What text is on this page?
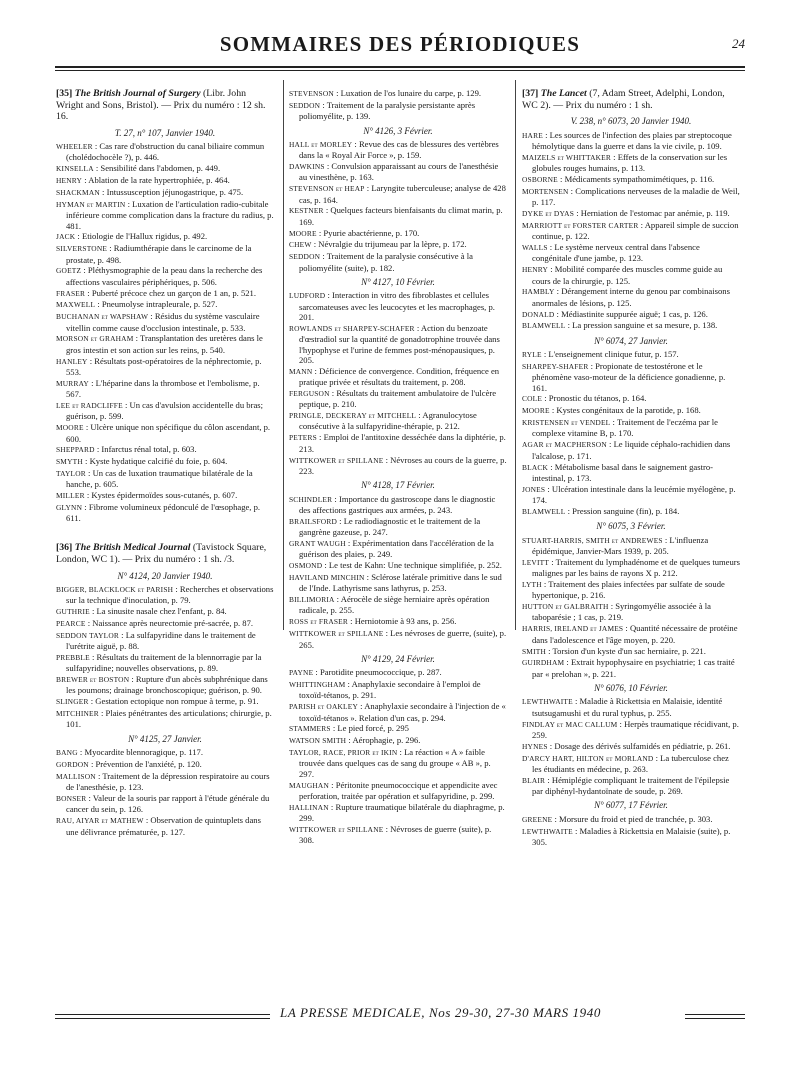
SOMMAIRES DES PÉRIODIQUES	24

[35] The British Journal of Surgery (Libr. John Wright and Sons, Bristol). — Prix du numéro : 12 sh. 16.

T. 27, n° 107, Janvier 1940.
WHEELER : Cas rare d'obstruction du canal biliaire commun (cholédochocèle ?), p. 446.
KINSELLA : Sensibilité dans l'abdomen, p. 449.
HENRY : Ablation de la rate hypertrophiée, p. 464.
SHACKMAN : Intussusception jéjunogastrique, p. 475.
HYMAN et MARTIN : Luxation de l'articulation radio-cubitale inférieure comme complication dans la fracture du radius, p. 481.
JACK : Etiologie de l'Hallux rigidus, p. 492.
SILVERSTONE : Radiumthérapie dans le carcinome de la prostate, p. 498.
GOETZ : Pléthysmographie de la peau dans la recherche des affections vasculaires périphériques, p. 506.
FRASER : Puberté précoce chez un garçon de 1 an, p. 521.
MAXWELL : Pneumolyse intrapleurale, p. 527.
BUCHANAN et WAPSHAW : Résidus du système vasculaire vitellin comme cause d'occlusion intestinale, p. 533.
MORSON et GRAHAM : Transplantation des uretères dans le gros intestin et son action sur les reins, p. 540.
HANLEY : Résultats post-opératoires de la néphrectomie, p. 553.
MURRAY : L'héparine dans la thrombose et l'embolisme, p. 567.
LEE et RADCLIFFE : Un cas d'avulsion accidentelle du bras; guérison, p. 599.
MOORE : Ulcère unique non spécifique du côlon ascendant, p. 600.
SHEPPARD : Infarctus rénal total, p. 603.
SMYTH : Kyste hydatique calcifié du foie, p. 604.
TAYLOR : Un cas de luxation traumatique bilatérale de la hanche, p. 605.
MILLER : Kystes épidermoïdes sous-cutanés, p. 607.
GLYNN : Fibrome volumineux pédonculé de l'œsophage, p. 611.

[36] The British Medical Journal (Tavistock Square, London, WC 1). — Prix du numéro : 1 sh. /3.

N° 4124, 20 Janvier 1940.
BIGGER, BLACKLOCK et PARISH : Recherches et observations sur la technique d'inoculation, p. 79.
GUTHRIE : La sinusite nasale chez l'enfant, p. 84.
PEARCE : Naissance après neurectomie pré-sacrée, p. 87.
SEDDON TAYLOR : La sulfapyridine dans le traitement de l'urétrite aiguë, p. 88.
PREBBLE : Résultats du traitement de la blennorragie par la sulfapyridine; nouvelles observations, p. 89.
BREWER et BOSTON : Rupture d'un abcès subphrénique dans les poumons; drainage bronchoscopique; guérison, p. 90.
SLINGER : Gestation ectopique non rompue à terme, p. 91.
MITCHINER : Plaies pénétrantes des articulations; chirurgie, p. 101.
N° 4125, 27 Janvier.
BANG : Myocardite blennoragique, p. 117.
GORDON : Prévention de l'anxiété, p. 120.
MALLISON : Traitement de la dépression respiratoire au cours de l'anesthésie, p. 123.
BONSER : Valeur de la souris par rapport à l'étude générale du cancer du sein, p. 126.
RAU, AIYAR et MATHEW : Observation de quintuplets dans une délivrance prématurée, p. 127.
STEVENSON : Luxation de l'os lunaire du carpe, p. 129.
SEDDON : Traitement de la paralysie persistante après poliomyélite, p. 139.
N° 4126, 3 Février.
HALL et MORLEY : Revue des cas de blessures des vertèbres dans la « Royal Air Force », p. 159.
DAWKINS : Convulsion apparaissant au cours de l'anesthésie au vinesthène, p. 163.
STEVENSON et HEAP : Laryngite tuberculeuse; analyse de 428 cas, p. 164.
KESTNER : Quelques facteurs bienfaisants du climat marin, p. 169.
MOORE : Pyurie abactérienne, p. 170.
CHEW : Névralgie du trijumeau par la lèpre, p. 172.
SEDDON : Traitement de la paralysie consécutive à la poliomyélite (suite), p. 182.
N° 4127, 10 Février.
LUDFORD : Interaction in vitro des fibroblastes et cellules sarcomateuses avec les leucocytes et les macrophages, p. 201.
ROWLANDS et SHARPEY-SCHAFER : Action du benzoate d'œstradiol sur la quantité de gonadotrophine trouvée dans l'hypophyse et l'urine de femmes post-ménopausiques, p. 205.
MANN : Déficience de convergence. Condition, fréquence en pratique privée et résultats du traitement, p. 208.
FERGUSON : Résultats du traitement ambulatoire de l'ulcère peptique, p. 210.
PRINGLE, DECKERAY et MITCHELL : Agranulocytose consécutive à la sulfapyridine-thérapie, p. 212.
PETERS : Emploi de l'antitoxine desséchée dans la diphtérie, p. 213.
WITTKOWER et SPILLANE : Névroses au cours de la guerre, p. 223.
N° 4128, 17 Février.
SCHINDLER : Importance du gastroscope dans le diagnostic des affections gastriques aux armées, p. 243.
BRAILSFORD : Le radiodiagnostic et le traitement de la gangrène gazeuse, p. 247.
GRANT WAUGH : Expérimentation dans l'accélération de la guérison des plaies, p. 249.
OSMOND : Le test de Kahn: Une technique simplifiée, p. 252.
HAVILAND MINCHIN : Sclérose latérale primitive dans le sud de l'Inde. Lathyrisme sans lathyrus, p. 253.
BILLIMORIA : Aérocèle de siège herniaire après opération radicale, p. 255.
ROSS et FRASER : Herniotomie à 93 ans, p. 256.
WITTKOWER et SPILLANE : Les névroses de guerre, (suite), p. 265.
N° 4129, 24 Février.
PAYNE : Parotidite pneumococcique, p. 287.
WHITTINGHAM : Anaphylaxie secondaire à l'emploi de toxoïd-tétanos, p. 291.
PARISH et OAKLEY : Anaphylaxie secondaire à l'injection de « toxoïd-tétanos ». Relation d'un cas, p. 294.
STAMMERS : Le pied forcé, p. 295
WATSON SMITH : Aérophagie, p. 296.
TAYLOR, RACE, PRIOR et IKIN : La réaction « A » faible trouvée dans quelques cas de sang du groupe « AB », p. 297.
MAUGHAN : Péritonite pneumococcique et appendicite avec perforation, traitée par opération et sulfapyridine, p. 299.
HALLINAN : Rupture traumatique bilatérale du diaphragme, p. 299.
WITTKOWER et SPILLANE : Névroses de guerre (suite), p. 308.

[37] The Lancet (7, Adam Street, Adelphi, London, WC 2). — Prix du numéro : 1 sh.

V. 238, n° 6073, 20 Janvier 1940.
HARE : Les sources de l'infection des plaies par streptocoque hémolytique dans la guerre et dans la vie civile, p. 109.
MAIZELS et WHITTAKER : Effets de la conservation sur les globules rouges humains, p. 113.
OSBORNE : Médicaments sympathomimétiques, p. 116.
MORTENSEN : Complications nerveuses de la maladie de Weil, p. 117.
DYKE et DYAS : Herniation de l'estomac par anémie, p. 119.
MARRIOTT et FORSTER CARTER : Appareil simple de succion continue, p. 122.
WALLS : Le système nerveux central dans l'absence congénitale d'une jambe, p. 123.
HENRY : Mobilité comparée des muscles comme guide au cours de la chirurgie, p. 125.
HAMBLY : Dérangement interne du genou par combinaisons anormales de lésions, p. 125.
DONALD : Médiastinite suppurée aiguë; 1 cas, p. 126.
BLAMWELL : La pression sanguine et sa mesure, p. 138.
N° 6074, 27 Janvier.
RYLE : L'enseignement clinique futur, p. 157.
SHARPEY-SHAFER : Propionate de testostérone et le phénomène vaso-moteur de la déficience gonadienne, p. 161.
COLE : Pronostic du tétanos, p. 164.
MOORE : Kystes congénitaux de la parotide, p. 168.
KRISTENSEN et VENDEL : Traitement de l'eczéma par le complexe vitamine B, p. 170.
AGAR et MACPHERSON : Le liquide céphalo-rachidien dans l'alcalose, p. 171.
BLACK : Métabolisme basal dans le saignement gastro-intestinal, p. 173.
JONES : Ulcération intestinale dans la leucémie myélogène, p. 174.
BLAMWELL : Pression sanguine (fin), p. 184.
N° 6075, 3 Février.
STUART-HARRIS, SMITH et ANDREWES : L'influenza épidémique, Janvier-Mars 1939, p. 205.
LEVITT : Traitement du lymphadénome et de quelques tumeurs malignes par les bains de rayons X p. 212.
LYTH : Traitement des plaies infectées par sulfate de soude hypertonique, p. 216.
HUTTON et GALBRAITH : Syringomyélie associée à la taboparésie ; 1 cas, p. 219.
HARRIS, IRELAND et JAMES : Quantité nécessaire de protéine dans l'adolescence et l'âge moyen, p. 220.
SMITH : Torsion d'un kyste d'un sac herniaire, p. 221.
GUIRDHAM : Extrait hypophysaire en psychiatrie; 1 cas traité par « prelohan », p. 221.
N° 6076, 10 Février.
LEWTHWAITE : Maladie à Rickettsia en Malaisie, identité tsutsugamushi et du rural typhus, p. 255.
FINDLAY et MAC CALLUM : Herpès traumatique récidivant, p. 259.
HYNES : Dosage des dérivés sulfamidés en pédiatrie, p. 261.
D'ARCY HART, HILTON et MORLAND : La tuberculose chez les étudiants en médecine, p. 263.
BLAIR : Hémiplégie compliquant le traitement de l'épilepsie par diphényl-hydantoïnate de soude, p. 269.
N° 6077, 17 Février.
GREENE : Morsure du froid et pied de tranchée, p. 303.
LEWTHWAITE : Maladies à Rickettsia en Malaisie (suite), p. 305.
LA PRESSE MEDICALE, Nos 29-30, 27-30 MARS 1940
